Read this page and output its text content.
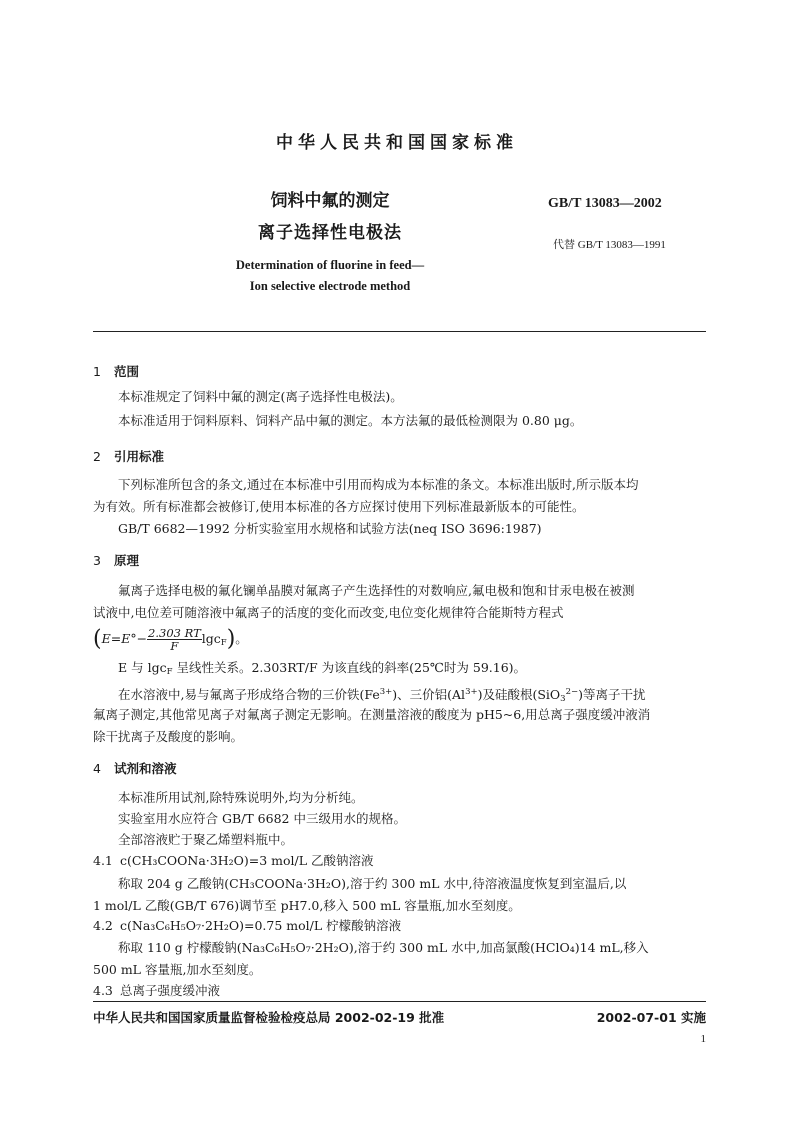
中华人民共和国国家标准
饲料中氟的测定
离子选择性电极法
Determination of fluorine in feed—
Ion selective electrode method
GB/T 13083—2002
代替 GB/T 13083—1991
1 范围
本标准规定了饲料中氟的测定(离子选择性电极法)。
本标准适用于饲料原料、饲料产品中氟的测定。本方法氟的最低检测限为 0.80 μg。
2 引用标准
下列标准所包含的条文,通过在本标准中引用而构成为本标准的条文。本标准出版时,所示版本均
为有效。所有标准都会被修订,使用本标准的各方应探讨使用下列标准最新版本的可能性。
GB/T 6682—1992 分析实验室用水规格和试验方法(neq ISO 3696:1987)
3 原理
氟离子选择电极的氟化镧单晶膜对氟离子产生选择性的对数响应,氟电极和饱和甘汞电极在被测
试液中,电位差可随溶液中氟离子的活度的变化而改变,电位变化规律符合能斯特方程式
$(E=E^\circ- \frac{2.303 RT}{F} \lg c_F)$。
E 与 lgc$_F$ 呈线性关系。2.303RT/F 为该直线的斜率(25℃时为 59.16)。
在水溶液中,易与氟离子形成络合物的三价铁$(Fe^{3+})$、三价铝$(Al^{3+})$及硅酸根(SiO$_3^{2-}$)等离子干扰
氟离子测定,其他常见离子对氟离子测定无影响。在测量溶液的酸度为 pH5~6,用总离子强度缓冲液消
除干扰离子及酸度的影响。
4 试剂和溶液
本标准所用试剂,除特殊说明外,均为分析纯。
实验室用水应符合 GB/T 6682 中三级用水的规格。
全部溶液贮于聚乙烯塑料瓶中。
4.1 c(CH₃COONa·3H₂O)=3 mol/L 乙酸钠溶液
称取 204 g 乙酸钠(CH₃COONa·3H₂O),溶于约 300 mL 水中,待溶液温度恢复到室温后,以
1 mol/L 乙酸(GB/T 676)调节至 pH7.0,移入 500 mL 容量瓶,加水至刻度。
4.2 c(Na₃C₆H₅O₇·2H₂O)=0.75 mol/L 柠檬酸钠溶液
称取 110 g 柠檬酸钠(Na₃C₆H₅O₇·2H₂O),溶于约 300 mL 水中,加高氯酸(HClO₄)14 mL,移入
500 mL 容量瓶,加水至刻度。
4.3 总离子强度缓冲液
中华人民共和国国家质量监督检验检疫总局 2002-02-19 批准	2002-07-01 实施
1
